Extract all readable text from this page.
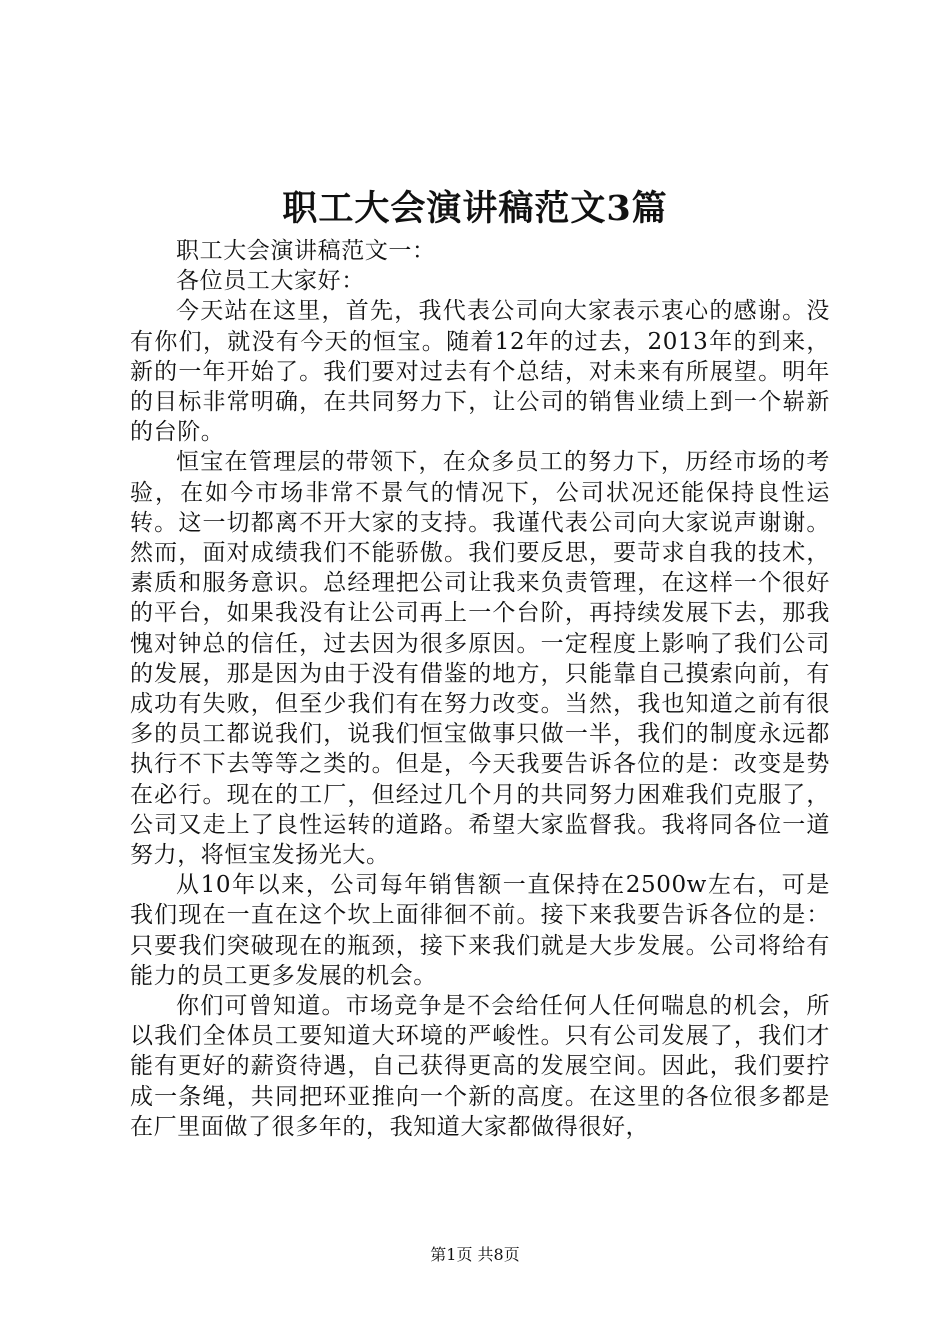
职工大会演讲稿范文3篇

职工大会演讲稿范文一：

各位员工大家好：

今天站在这里，首先，我代表公司向大家表示衷心的感谢。没有你们，就没有今天的恒宝。随着12年的过去，2013年的到来，新的一年开始了。我们要对过去有个总结，对未来有所展望。明年的目标非常明确，在共同努力下，让公司的销售业绩上到一个崭新的台阶。

恒宝在管理层的带领下，在众多员工的努力下，历经市场的考验，在如今市场非常不景气的情况下，公司状况还能保持良性运转。这一切都离不开大家的支持。我谨代表公司向大家说声谢谢。然而，面对成绩我们不能骄傲。我们要反思，要苛求自我的技术，素质和服务意识。总经理把公司让我来负责管理，在这样一个很好的平台，如果我没有让公司再上一个台阶，再持续发展下去，那我愧对钟总的信任，过去因为很多原因。一定程度上影响了我们公司的发展，那是因为由于没有借鉴的地方，只能靠自己摸索向前，有成功有失败，但至少我们有在努力改变。当然，我也知道之前有很多的员工都说我们，说我们恒宝做事只做一半，我们的制度永远都执行不下去等等之类的。但是，今天我要告诉各位的是：改变是势在必行。现在的工厂，但经过几个月的共同努力困难我们克服了，公司又走上了良性运转的道路。希望大家监督我。我将同各位一道努力，将恒宝发扬光大。

从10年以来，公司每年销售额一直保持在2500w左右，可是我们现在一直在这个坎上面徘徊不前。接下来我要告诉各位的是：只要我们突破现在的瓶颈，接下来我们就是大步发展。公司将给有能力的员工更多发展的机会。

你们可曾知道。市场竞争是不会给任何人任何喘息的机会，所以我们全体员工要知道大环境的严峻性。只有公司发展了，我们才能有更好的薪资待遇，自己获得更高的发展空间。因此，我们要拧成一条绳，共同把环亚推向一个新的高度。在这里的各位很多都是在厂里面做了很多年的，我知道大家都做得很好，

第1页 共8页
